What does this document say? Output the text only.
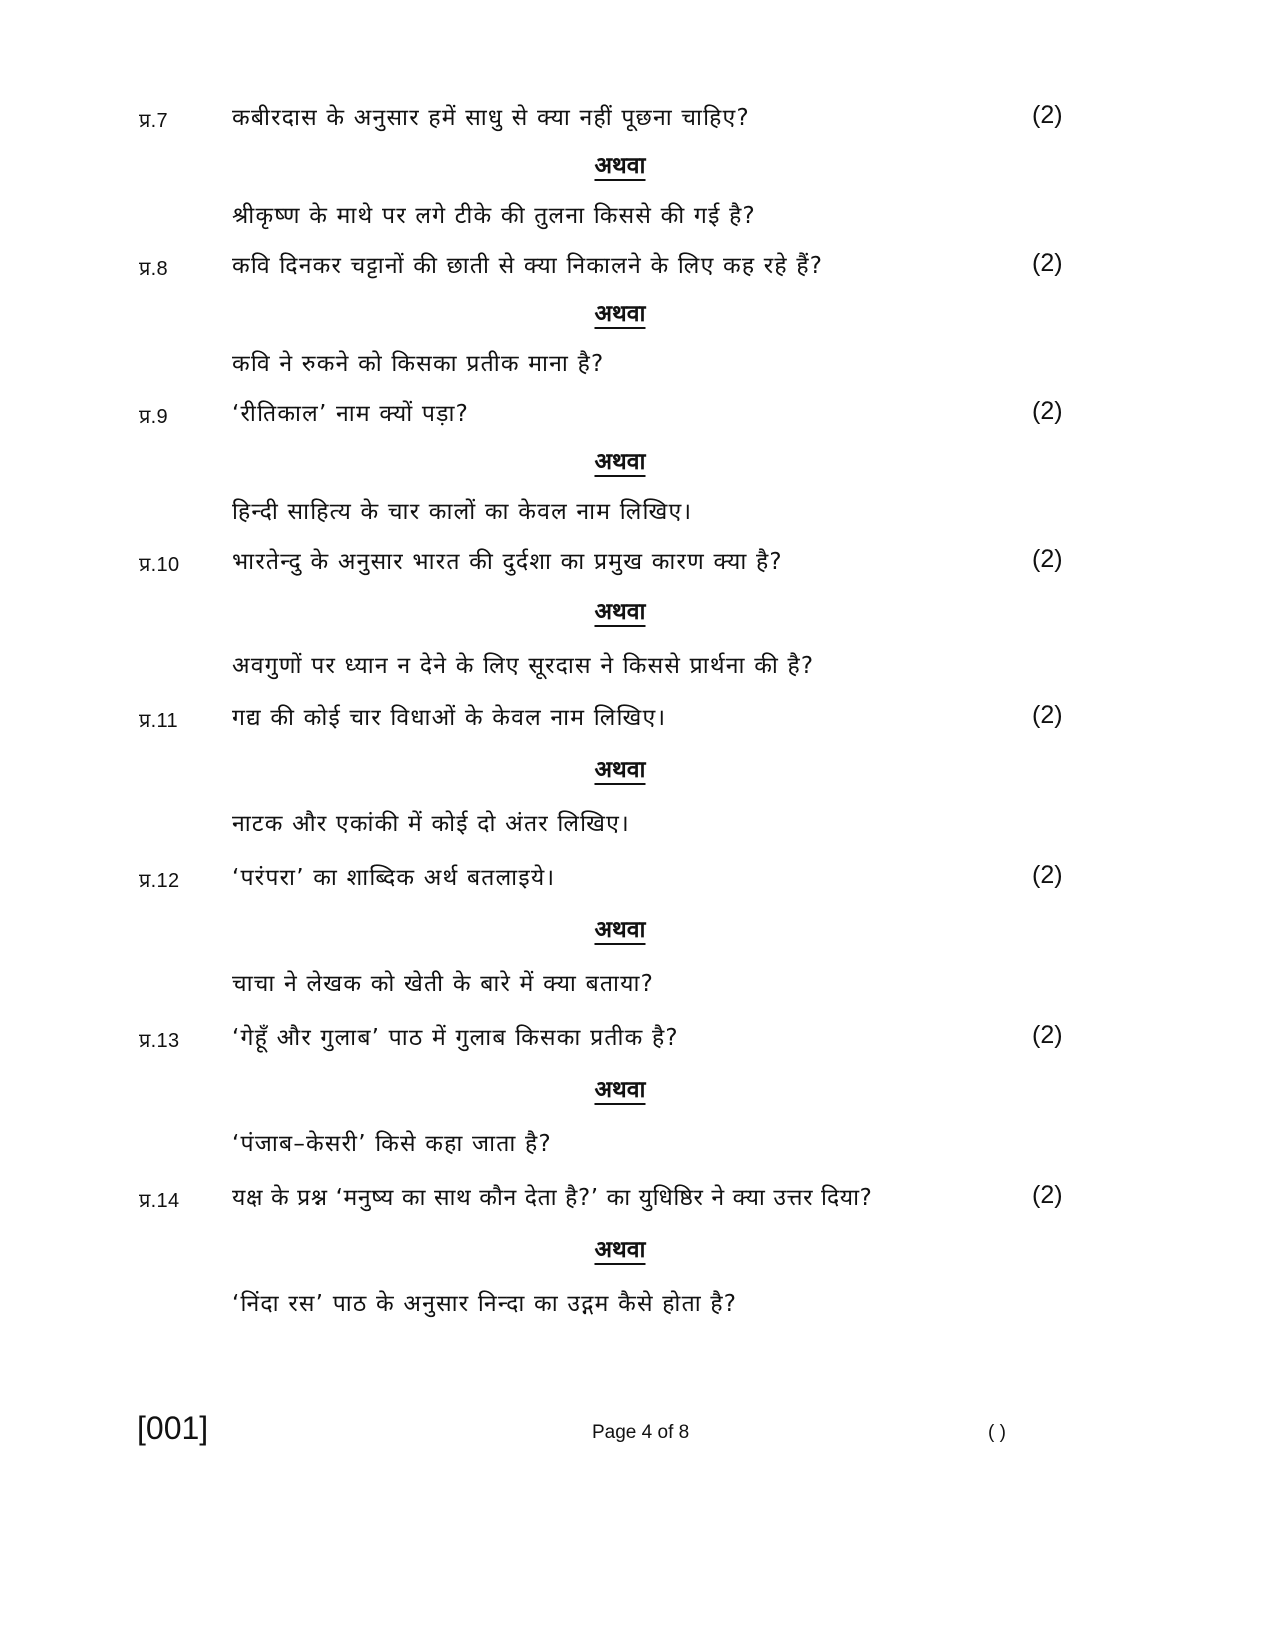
प्र.7	कबीरदास के अनुसार हमें साधु से क्या नहीं पूछना चाहिए?	(2)
अथवा
श्रीकृष्ण के माथे पर लगे टीके की तुलना किससे की गई है?
प्र.8	कवि दिनकर चट्टानों की छाती से क्या निकालने के लिए कह रहे हैं?	(2)
अथवा
कवि ने रुकने को किसका प्रतीक माना है?
प्र.9	‘रीतिकाल’ नाम क्यों पड़ा?	(2)
अथवा
हिन्दी साहित्य के चार कालों का केवल नाम लिखिए।
प्र.10 भारतेन्दु के अनुसार भारत की दुर्दशा का प्रमुख कारण क्या है?	(2)
अथवा
अवगुणों पर ध्यान न देने के लिए सूरदास ने किससे प्रार्थना की है?
प्र.11 गद्य की कोई चार विधाओं के केवल नाम लिखिए।	(2)
अथवा
नाटक और एकांकी में कोई दो अंतर लिखिए।
प्र.12 ‘परंपरा’ का शाब्दिक अर्थ बतलाइये।	(2)
अथवा
चाचा ने लेखक को खेती के बारे में क्या बताया?
प्र.13 ‘गेहूँ और गुलाब’ पाठ में गुलाब किसका प्रतीक है?	(2)
अथवा
‘पंजाब–केसरी’ किसे कहा जाता है?
प्र.14 यक्ष के प्रश्न ‘मनुष्य का साथ कौन देता है?’ का युधिष्ठिर ने क्या उत्तर दिया?	(2)
अथवा
‘निंदा रस’ पाठ के अनुसार निन्दा का उद्गम कैसे होता है?
[001]	Page 4 of 8	( )
